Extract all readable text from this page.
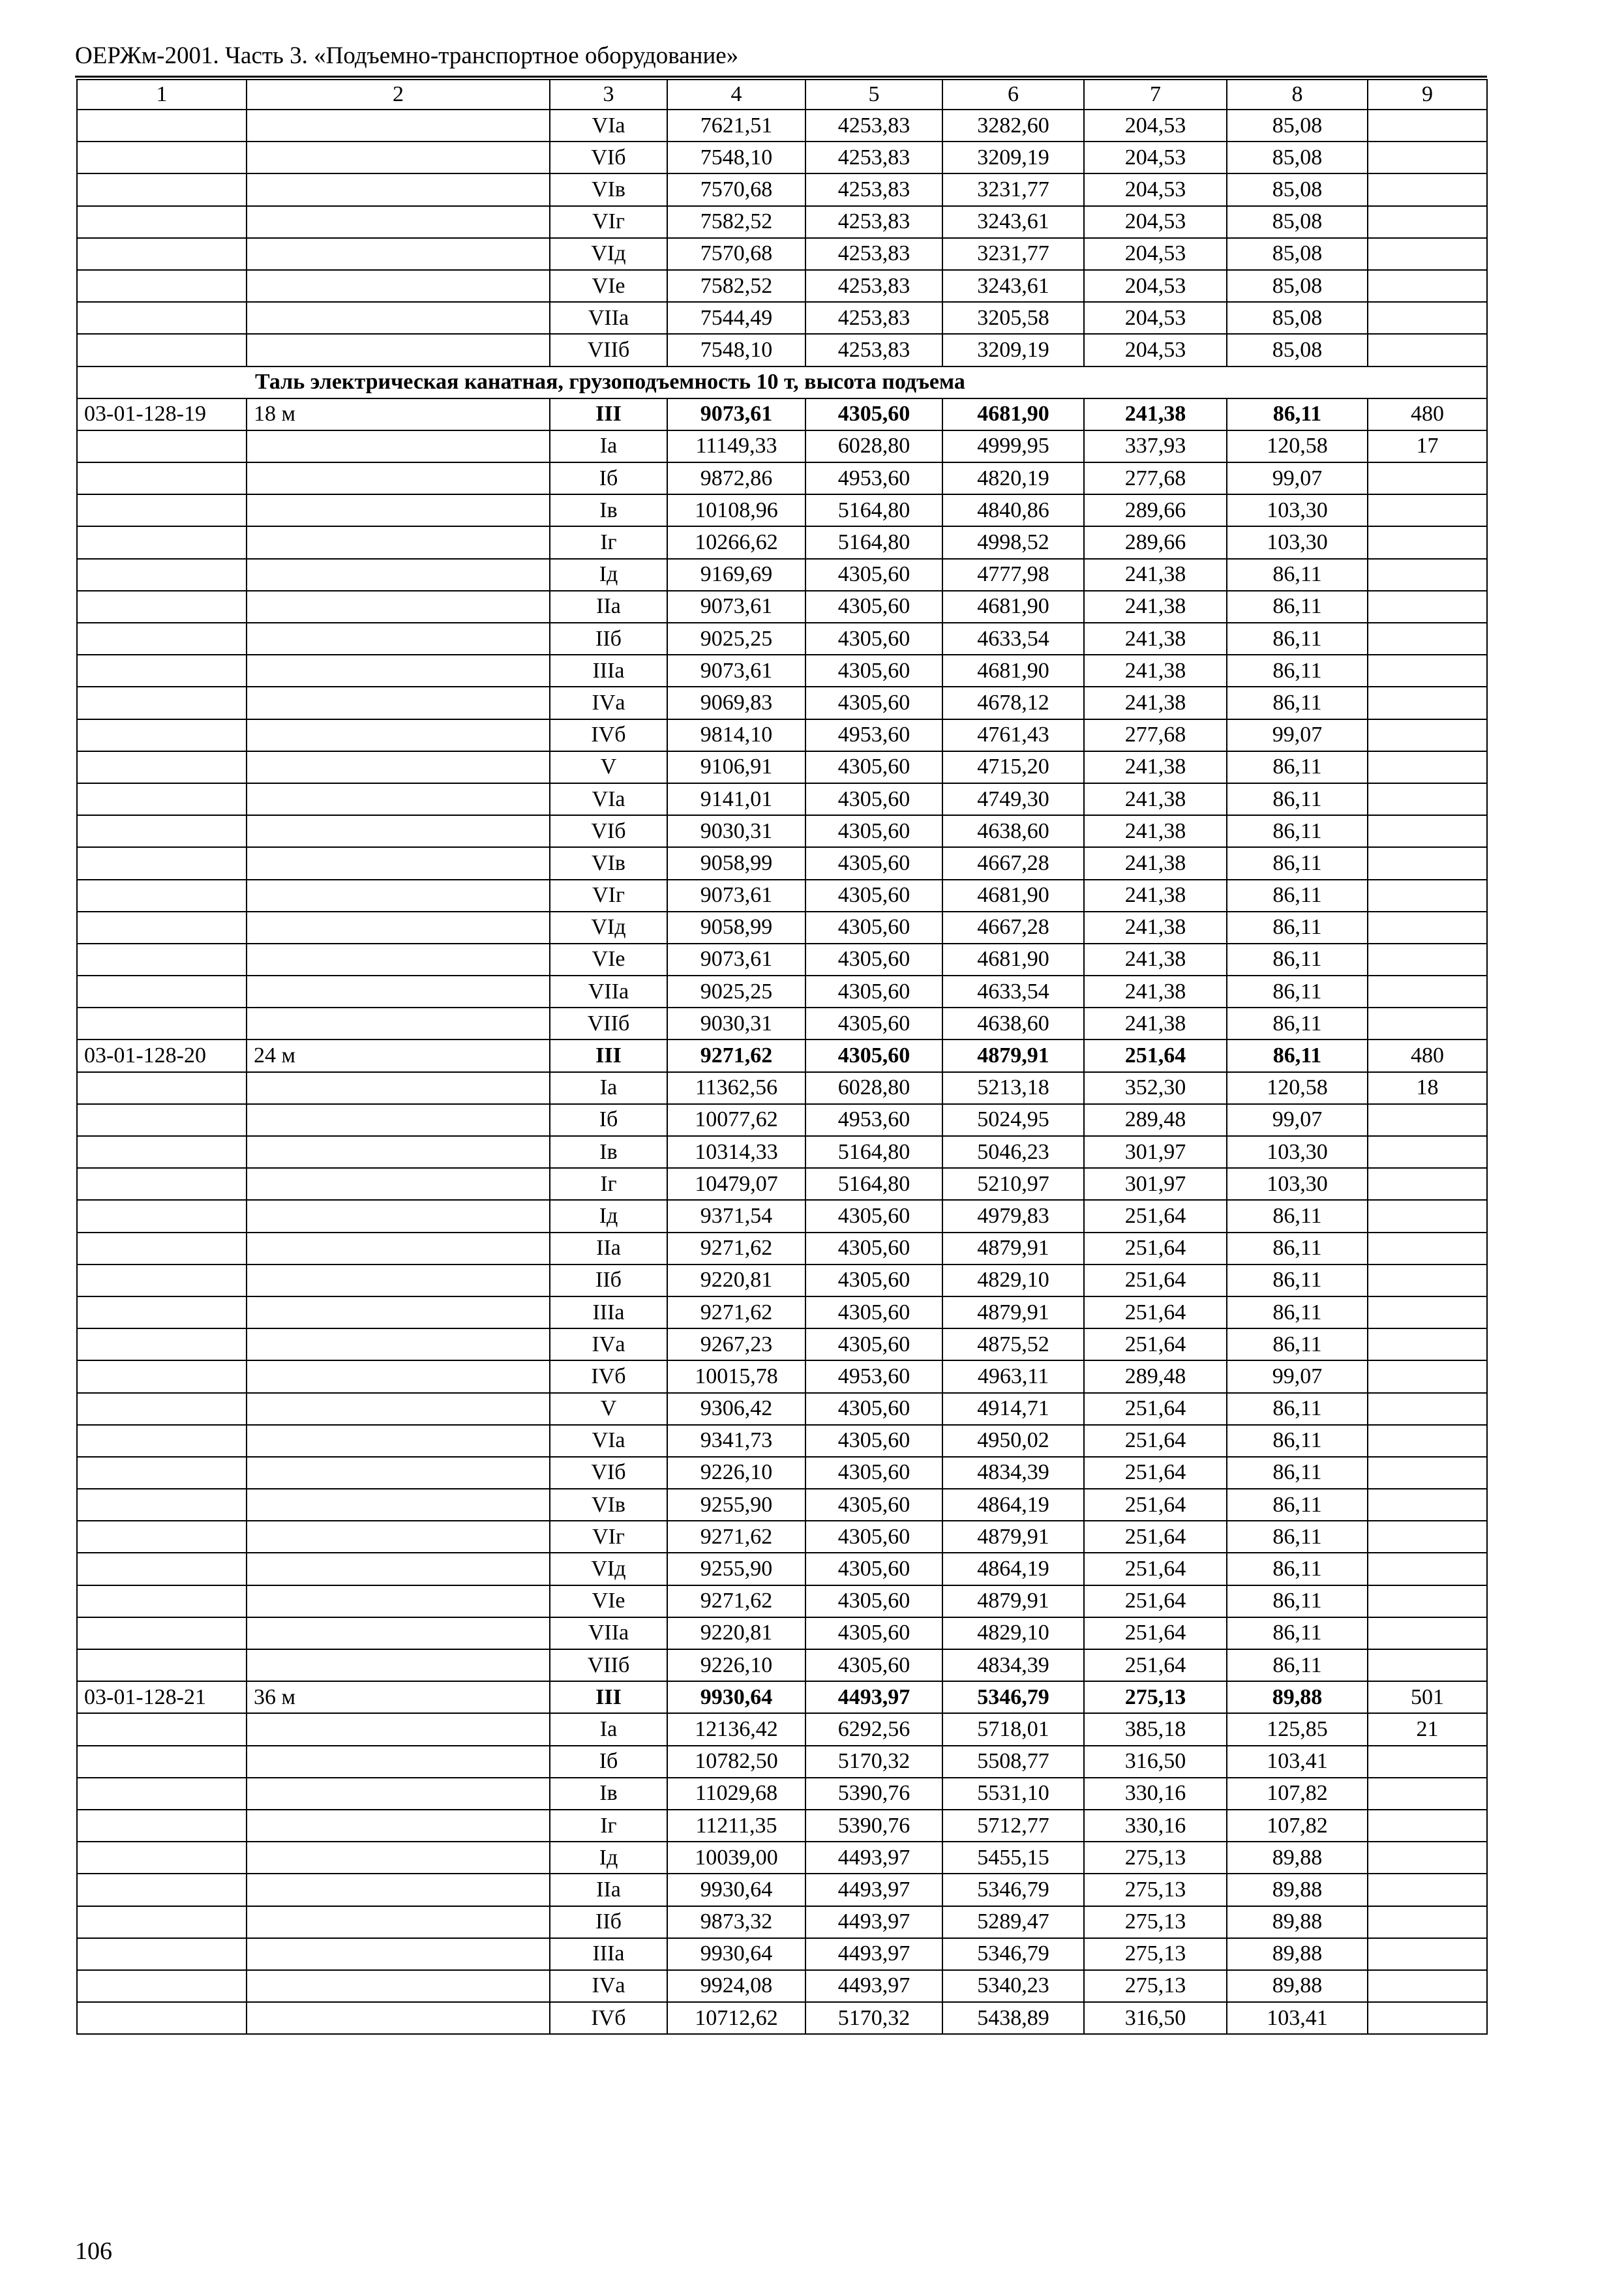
ОЕРЖм-2001. Часть 3. «Подъемно-транспортное оборудование»
1	2	3	4	5	6	7	8	9
		VIа	7621,51	4253,83	3282,60	204,53	85,08	
		VIб	7548,10	4253,83	3209,19	204,53	85,08	
		VIв	7570,68	4253,83	3231,77	204,53	85,08	
		VIг	7582,52	4253,83	3243,61	204,53	85,08	
		VIд	7570,68	4253,83	3231,77	204,53	85,08	
		VIе	7582,52	4253,83	3243,61	204,53	85,08	
		VIIа	7544,49	4253,83	3205,58	204,53	85,08	
		VIIб	7548,10	4253,83	3209,19	204,53	85,08	
Таль электрическая канатная, грузоподъемность 10 т, высота подъема								
03-01-128-19	18 м	III	9073,61	4305,60	4681,90	241,38	86,11	480
		Iа	11149,33	6028,80	4999,95	337,93	120,58	17
		Iб	9872,86	4953,60	4820,19	277,68	99,07	
		Iв	10108,96	5164,80	4840,86	289,66	103,30	
		Iг	10266,62	5164,80	4998,52	289,66	103,30	
		Iд	9169,69	4305,60	4777,98	241,38	86,11	
		IIа	9073,61	4305,60	4681,90	241,38	86,11	
		IIб	9025,25	4305,60	4633,54	241,38	86,11	
		IIIа	9073,61	4305,60	4681,90	241,38	86,11	
		IVа	9069,83	4305,60	4678,12	241,38	86,11	
		IVб	9814,10	4953,60	4761,43	277,68	99,07	
		V	9106,91	4305,60	4715,20	241,38	86,11	
		VIа	9141,01	4305,60	4749,30	241,38	86,11	
		VIб	9030,31	4305,60	4638,60	241,38	86,11	
		VIв	9058,99	4305,60	4667,28	241,38	86,11	
		VIг	9073,61	4305,60	4681,90	241,38	86,11	
		VIд	9058,99	4305,60	4667,28	241,38	86,11	
		VIе	9073,61	4305,60	4681,90	241,38	86,11	
		VIIа	9025,25	4305,60	4633,54	241,38	86,11	
		VIIб	9030,31	4305,60	4638,60	241,38	86,11	
03-01-128-20	24 м	III	9271,62	4305,60	4879,91	251,64	86,11	480
		Iа	11362,56	6028,80	5213,18	352,30	120,58	18
		Iб	10077,62	4953,60	5024,95	289,48	99,07	
		Iв	10314,33	5164,80	5046,23	301,97	103,30	
		Iг	10479,07	5164,80	5210,97	301,97	103,30	
		Iд	9371,54	4305,60	4979,83	251,64	86,11	
		IIа	9271,62	4305,60	4879,91	251,64	86,11	
		IIб	9220,81	4305,60	4829,10	251,64	86,11	
		IIIа	9271,62	4305,60	4879,91	251,64	86,11	
		IVа	9267,23	4305,60	4875,52	251,64	86,11	
		IVб	10015,78	4953,60	4963,11	289,48	99,07	
		V	9306,42	4305,60	4914,71	251,64	86,11	
		VIа	9341,73	4305,60	4950,02	251,64	86,11	
		VIб	9226,10	4305,60	4834,39	251,64	86,11	
		VIв	9255,90	4305,60	4864,19	251,64	86,11	
		VIг	9271,62	4305,60	4879,91	251,64	86,11	
		VIд	9255,90	4305,60	4864,19	251,64	86,11	
		VIе	9271,62	4305,60	4879,91	251,64	86,11	
		VIIа	9220,81	4305,60	4829,10	251,64	86,11	
		VIIб	9226,10	4305,60	4834,39	251,64	86,11	
03-01-128-21	36 м	III	9930,64	4493,97	5346,79	275,13	89,88	501
		Iа	12136,42	6292,56	5718,01	385,18	125,85	21
		Iб	10782,50	5170,32	5508,77	316,50	103,41	
		Iв	11029,68	5390,76	5531,10	330,16	107,82	
		Iг	11211,35	5390,76	5712,77	330,16	107,82	
		Iд	10039,00	4493,97	5455,15	275,13	89,88	
		IIа	9930,64	4493,97	5346,79	275,13	89,88	
		IIб	9873,32	4493,97	5289,47	275,13	89,88	
		IIIа	9930,64	4493,97	5346,79	275,13	89,88	
		IVа	9924,08	4493,97	5340,23	275,13	89,88	
		IVб	10712,62	5170,32	5438,89	316,50	103,41	
106
